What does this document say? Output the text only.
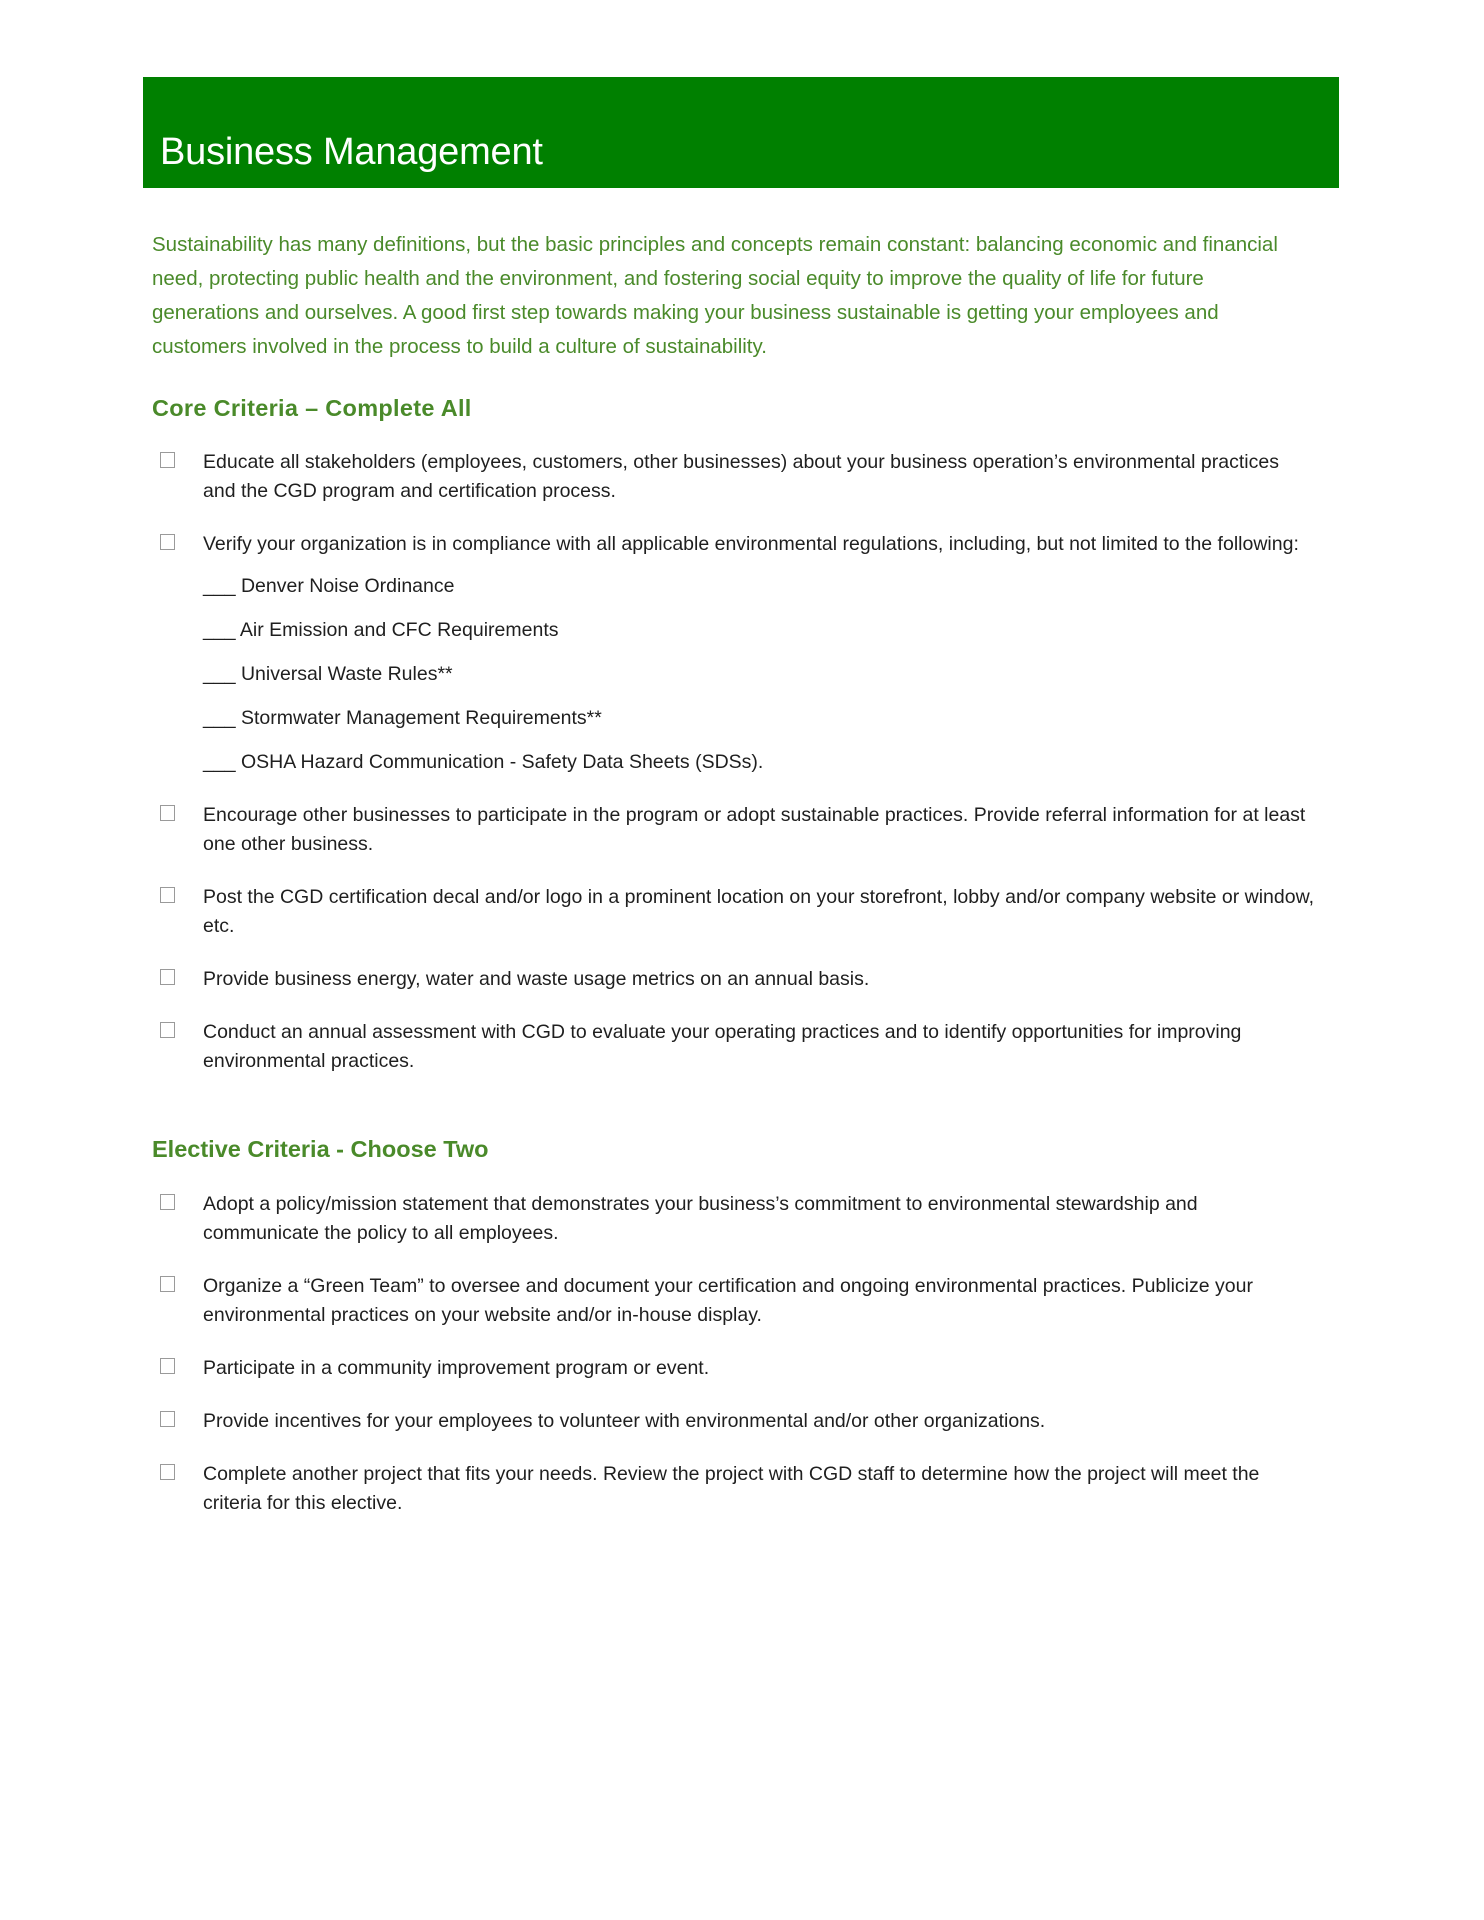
Business Management

Sustainability has many definitions, but the basic principles and concepts remain constant: balancing economic and financial need, protecting public health and the environment, and fostering social equity to improve the quality of life for future generations and ourselves. A good first step towards making your business sustainable is getting your employees and customers involved in the process to build a culture of sustainability.

Core Criteria – Complete All
Educate all stakeholders (employees, customers, other businesses) about your business operation’s environmental practices and the CGD program and certification process.
Verify your organization is in compliance with all applicable environmental regulations, including, but not limited to the following:
___ Denver Noise Ordinance
___ Air Emission and CFC Requirements
___ Universal Waste Rules**
___ Stormwater Management Requirements**
___ OSHA Hazard Communication - Safety Data Sheets (SDSs).
Encourage other businesses to participate in the program or adopt sustainable practices. Provide referral information for at least one other business.
Post the CGD certification decal and/or logo in a prominent location on your storefront, lobby and/or company website or window, etc.
Provide business energy, water and waste usage metrics on an annual basis.
Conduct an annual assessment with CGD to evaluate your operating practices and to identify opportunities for improving environmental practices.
Elective Criteria - Choose Two
Adopt a policy/mission statement that demonstrates your business’s commitment to environmental stewardship and communicate the policy to all employees.
Organize a “Green Team” to oversee and document your certification and ongoing environmental practices. Publicize your environmental practices on your website and/or in-house display.
Participate in a community improvement program or event.
Provide incentives for your employees to volunteer with environmental and/or other organizations.
Complete another project that fits your needs. Review the project with CGD staff to determine how the project will meet the criteria for this elective.
